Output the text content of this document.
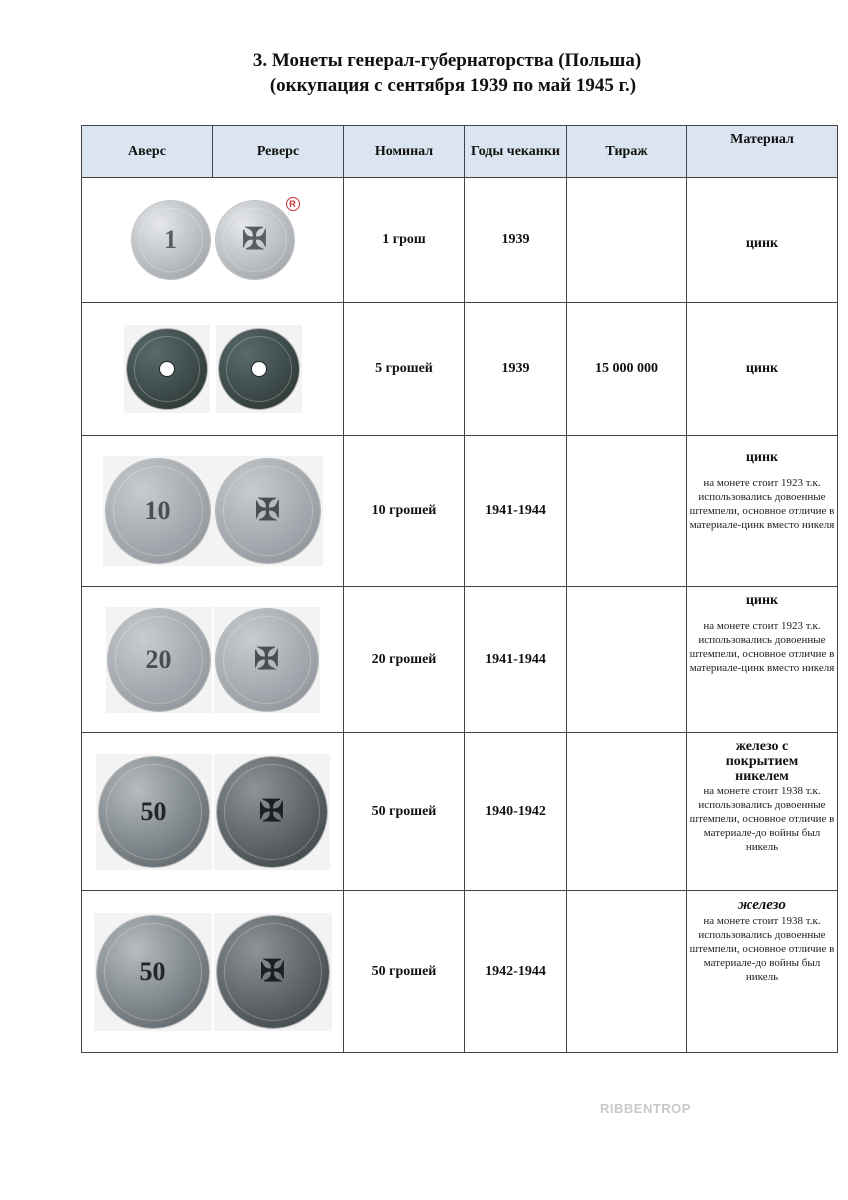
3. Монеты генерал-губернаторства (Польша)
(оккупация с сентября 1939 по май 1945 г.)
Аверс	Реверс	Номинал	Годы чеканки	Тираж	Материал

1 ✠
R		1 грош	1939		цинк

		5 грошей	1939	15 000 000	цинк

10 ✠		10 грошей	1941-1944		цинк
на монете стоит 1923 т.к. использовались довоенные штемпели, основное отличие в материале-цинк вместо никеля

20 ✠		20 грошей	1941-1944		цинк
на монете стоит 1923 т.к. использовались довоенные штемпели, основное отличие в материале-цинк вместо никеля

50 ✠		50 грошей	1940-1942		железо с покрытием никелем
на монете стоит 1938 т.к. использовались довоенные штемпели, основное отличие в материале-до войны был никель

50 ✠		50 грошей	1942-1944		железо
на монете стоит 1938 т.к. использовались довоенные штемпели, основное отличие в материале-до войны был никель
RIBBENTROP
